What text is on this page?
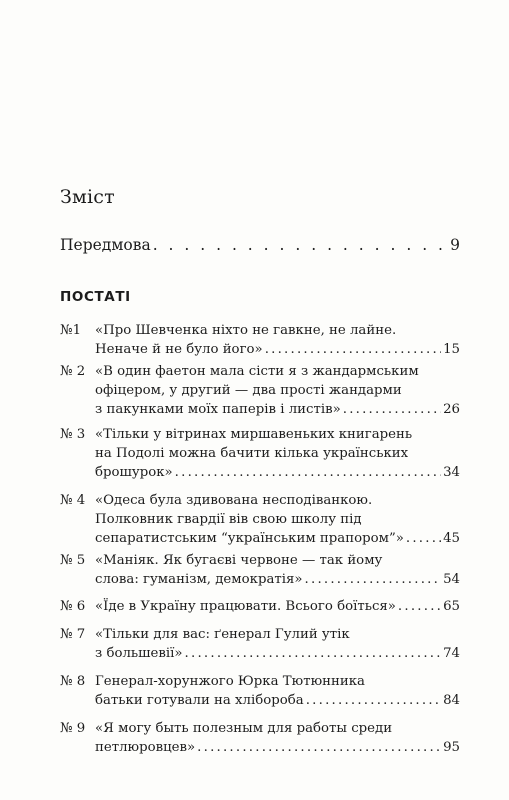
Зміст
Передмова . . .	9
ПОСТАТІ
№1 «Про Шевченка ніхто не гавкне, не лайне.
Неначе й не було його» . . .	15
№ 2 «В один фаетон мала сісти я з жандармським
офіцером, у другий — два прості жандарми
з пакунками моїх паперів і листів» . . .	26
№ 3 «Тільки у вітринах миршавеньких книгарень
на Подолі можна бачити кілька українських
брошурок» . . .	34
№ 4 «Одеса була здивована несподіванкою.
Полковник гвардії вів свою школу під
сепаратистським “українським прапором”» . . .	45
№ 5 «Маніяк. Як бугаєві червоне — так йому
слова: гуманізм, демократія» . . .	54
№ 6 «Їде в Україну працювати. Всього боїться» . . .	65
№ 7 «Тільки для вас: ґенерал Гулий утік
з большевії» . . .	74
№ 8 Генерал-хорунжого Юрка Тютюнника
батьки готували на хлібороба . . .	84
№ 9 «Я могу быть полезным для работы среди
петлюровцев» . . .	95
